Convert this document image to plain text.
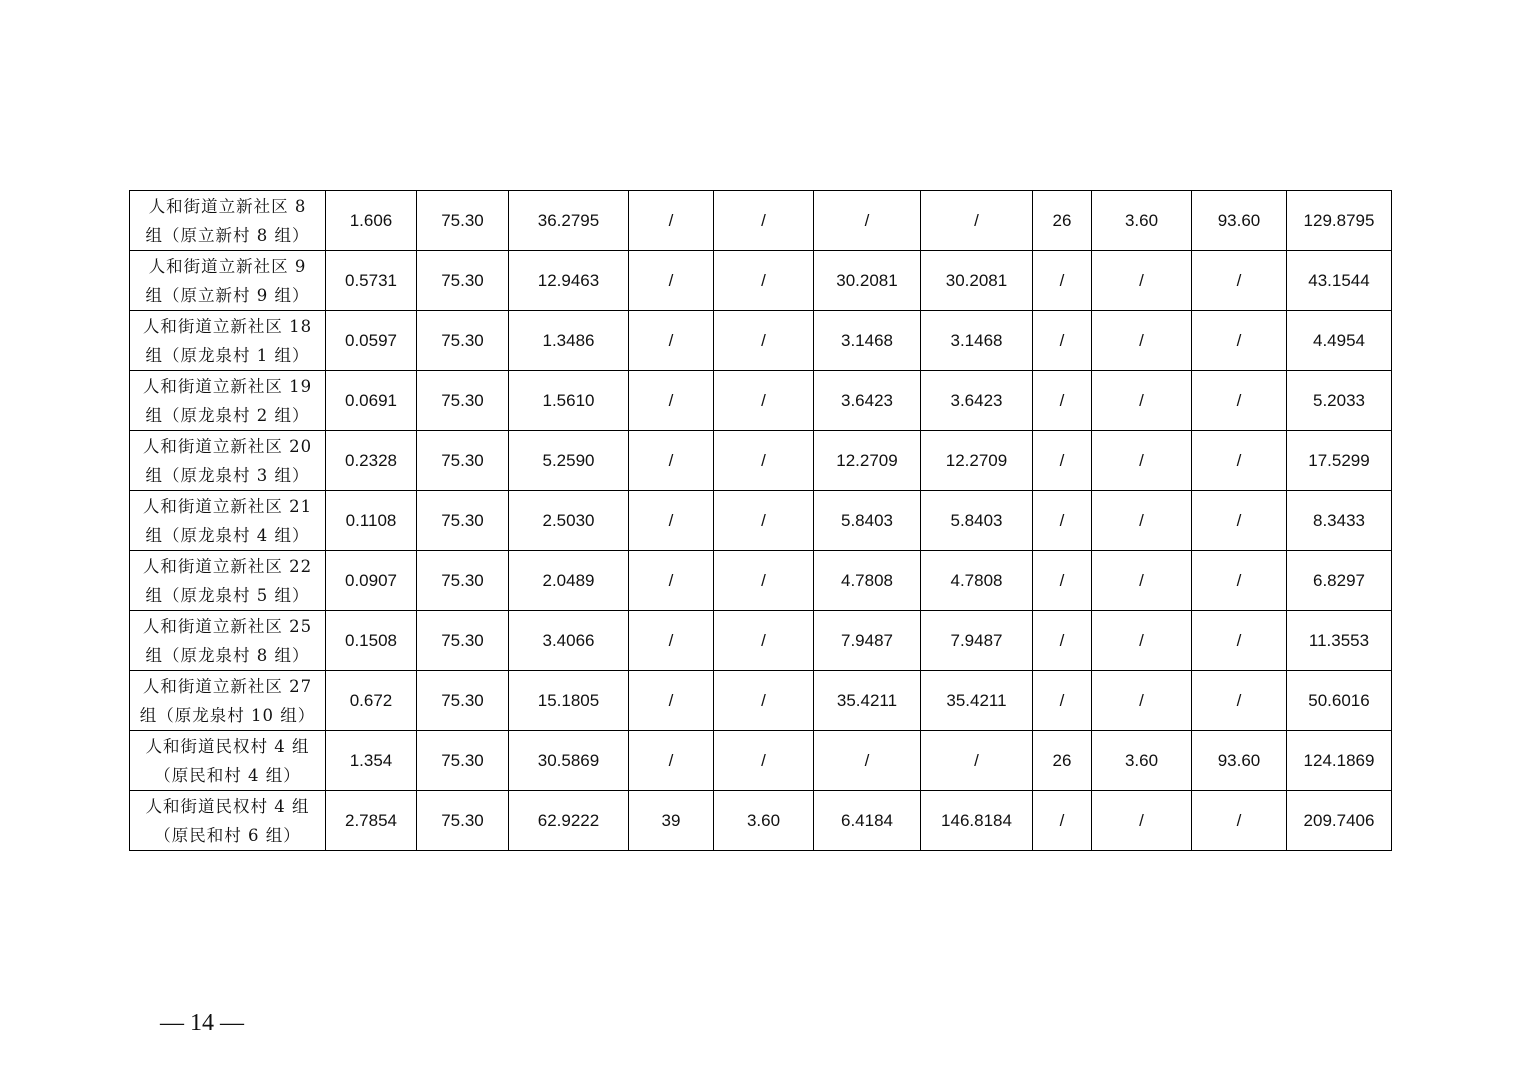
人和街道立新社区 8
组（原立新村 8 组）	1.606	75.30	36.2795	/	/	/	/	26	3.60	93.60	129.8795

人和街道立新社区 9
组（原立新村 9 组）	0.5731	75.30	12.9463	/	/	30.2081	30.2081	/	/	/	43.1544

人和街道立新社区 18
组（原龙泉村 1 组）	0.0597	75.30	1.3486	/	/	3.1468	3.1468	/	/	/	4.4954

人和街道立新社区 19
组（原龙泉村 2 组）	0.0691	75.30	1.5610	/	/	3.6423	3.6423	/	/	/	5.2033

人和街道立新社区 20
组（原龙泉村 3 组）	0.2328	75.30	5.2590	/	/	12.2709	12.2709	/	/	/	17.5299

人和街道立新社区 21
组（原龙泉村 4 组）	0.1108	75.30	2.5030	/	/	5.8403	5.8403	/	/	/	8.3433

人和街道立新社区 22
组（原龙泉村 5 组）	0.0907	75.30	2.0489	/	/	4.7808	4.7808	/	/	/	6.8297

人和街道立新社区 25
组（原龙泉村 8 组）	0.1508	75.30	3.4066	/	/	7.9487	7.9487	/	/	/	11.3553

人和街道立新社区 27
组（原龙泉村 10 组）	0.672	75.30	15.1805	/	/	35.4211	35.4211	/	/	/	50.6016

人和街道民权村 4 组
（原民和村 4 组）	1.354	75.30	30.5869	/	/	/	/	26	3.60	93.60	124.1869

人和街道民权村 4 组
（原民和村 6 组）	2.7854	75.30	62.9222	39	3.60	6.4184	146.8184	/	/	/	209.7406
— 14 —
